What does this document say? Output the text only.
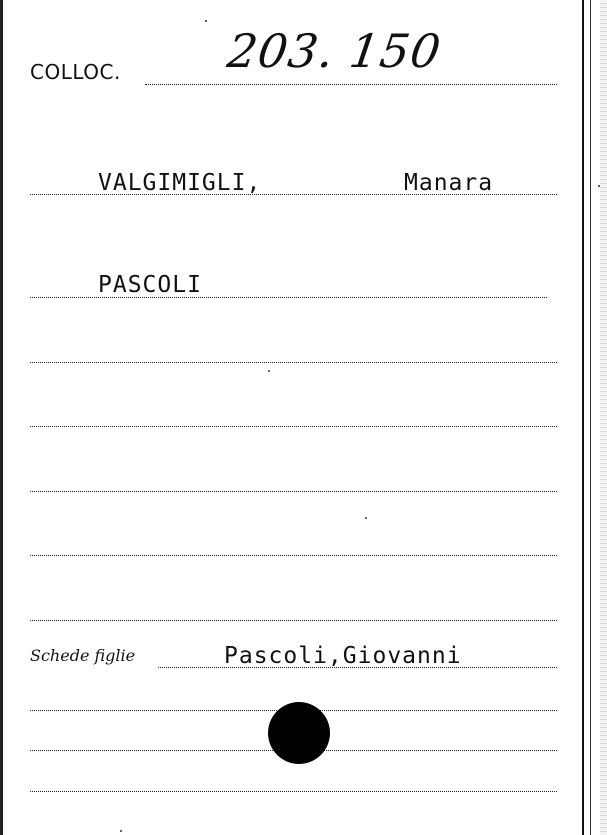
COLLOC. 203. 150
VALGIMIGLI,	Manara
PASCOLI
Schede figlie	Pascoli,Giovanni
